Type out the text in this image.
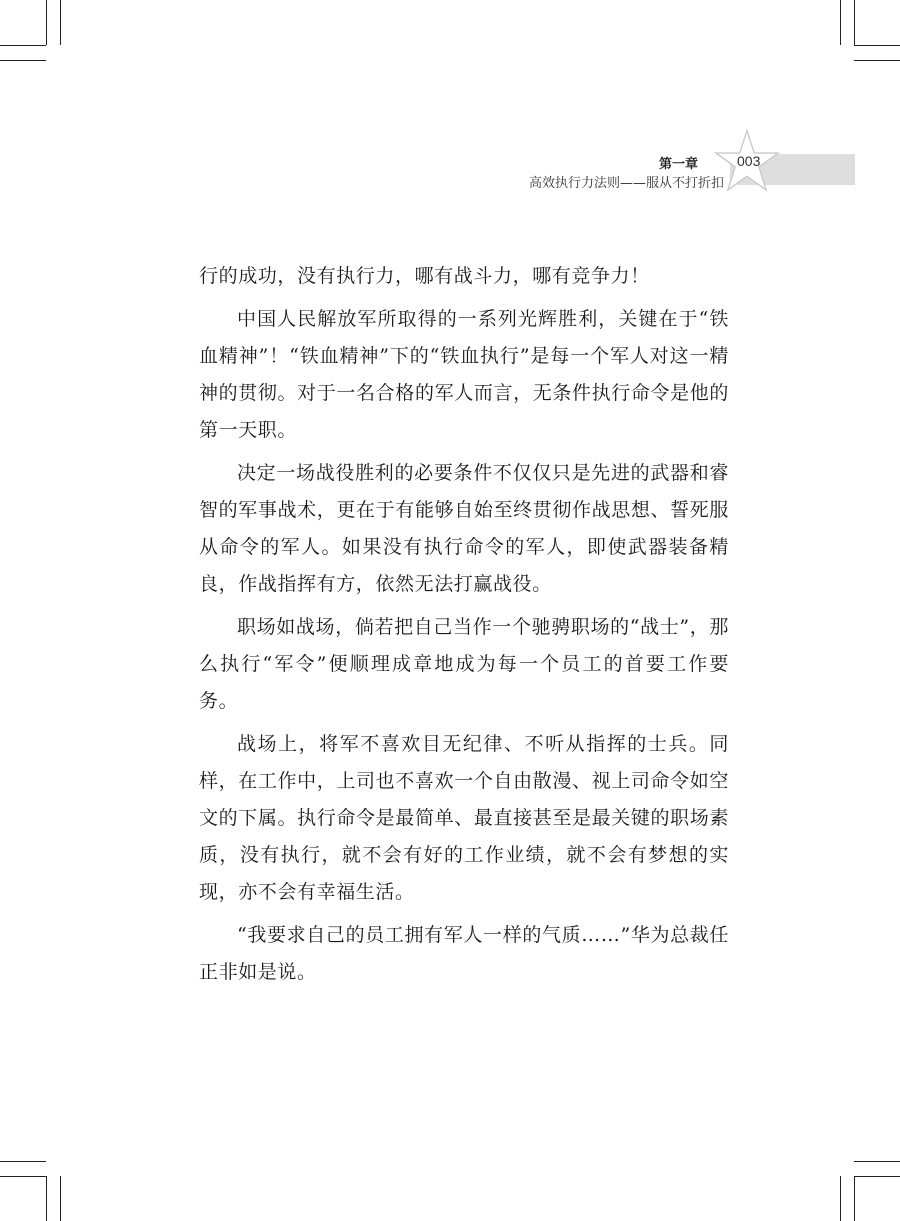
第一章	003
高效执行力法则——服从不打折扣

行的成功，没有执行力，哪有战斗力，哪有竞争力！

中国人民解放军所取得的一系列光辉胜利，关键在于“铁血精神”！“铁血精神”下的“铁血执行”是每一个军人对这一精神的贯彻。对于一名合格的军人而言，无条件执行命令是他的第一天职。

决定一场战役胜利的必要条件不仅仅只是先进的武器和睿智的军事战术，更在于有能够自始至终贯彻作战思想、誓死服从命令的军人。如果没有执行命令的军人，即使武器装备精良，作战指挥有方，依然无法打赢战役。

职场如战场，倘若把自己当作一个驰骋职场的“战士”，那么执行“军令”便顺理成章地成为每一个员工的首要工作要务。

战场上，将军不喜欢目无纪律、不听从指挥的士兵。同样，在工作中，上司也不喜欢一个自由散漫、视上司命令如空文的下属。执行命令是最简单、最直接甚至是最关键的职场素质，没有执行，就不会有好的工作业绩，就不会有梦想的实现，亦不会有幸福生活。

“我要求自己的员工拥有军人一样的气质……”华为总裁任正非如是说。
